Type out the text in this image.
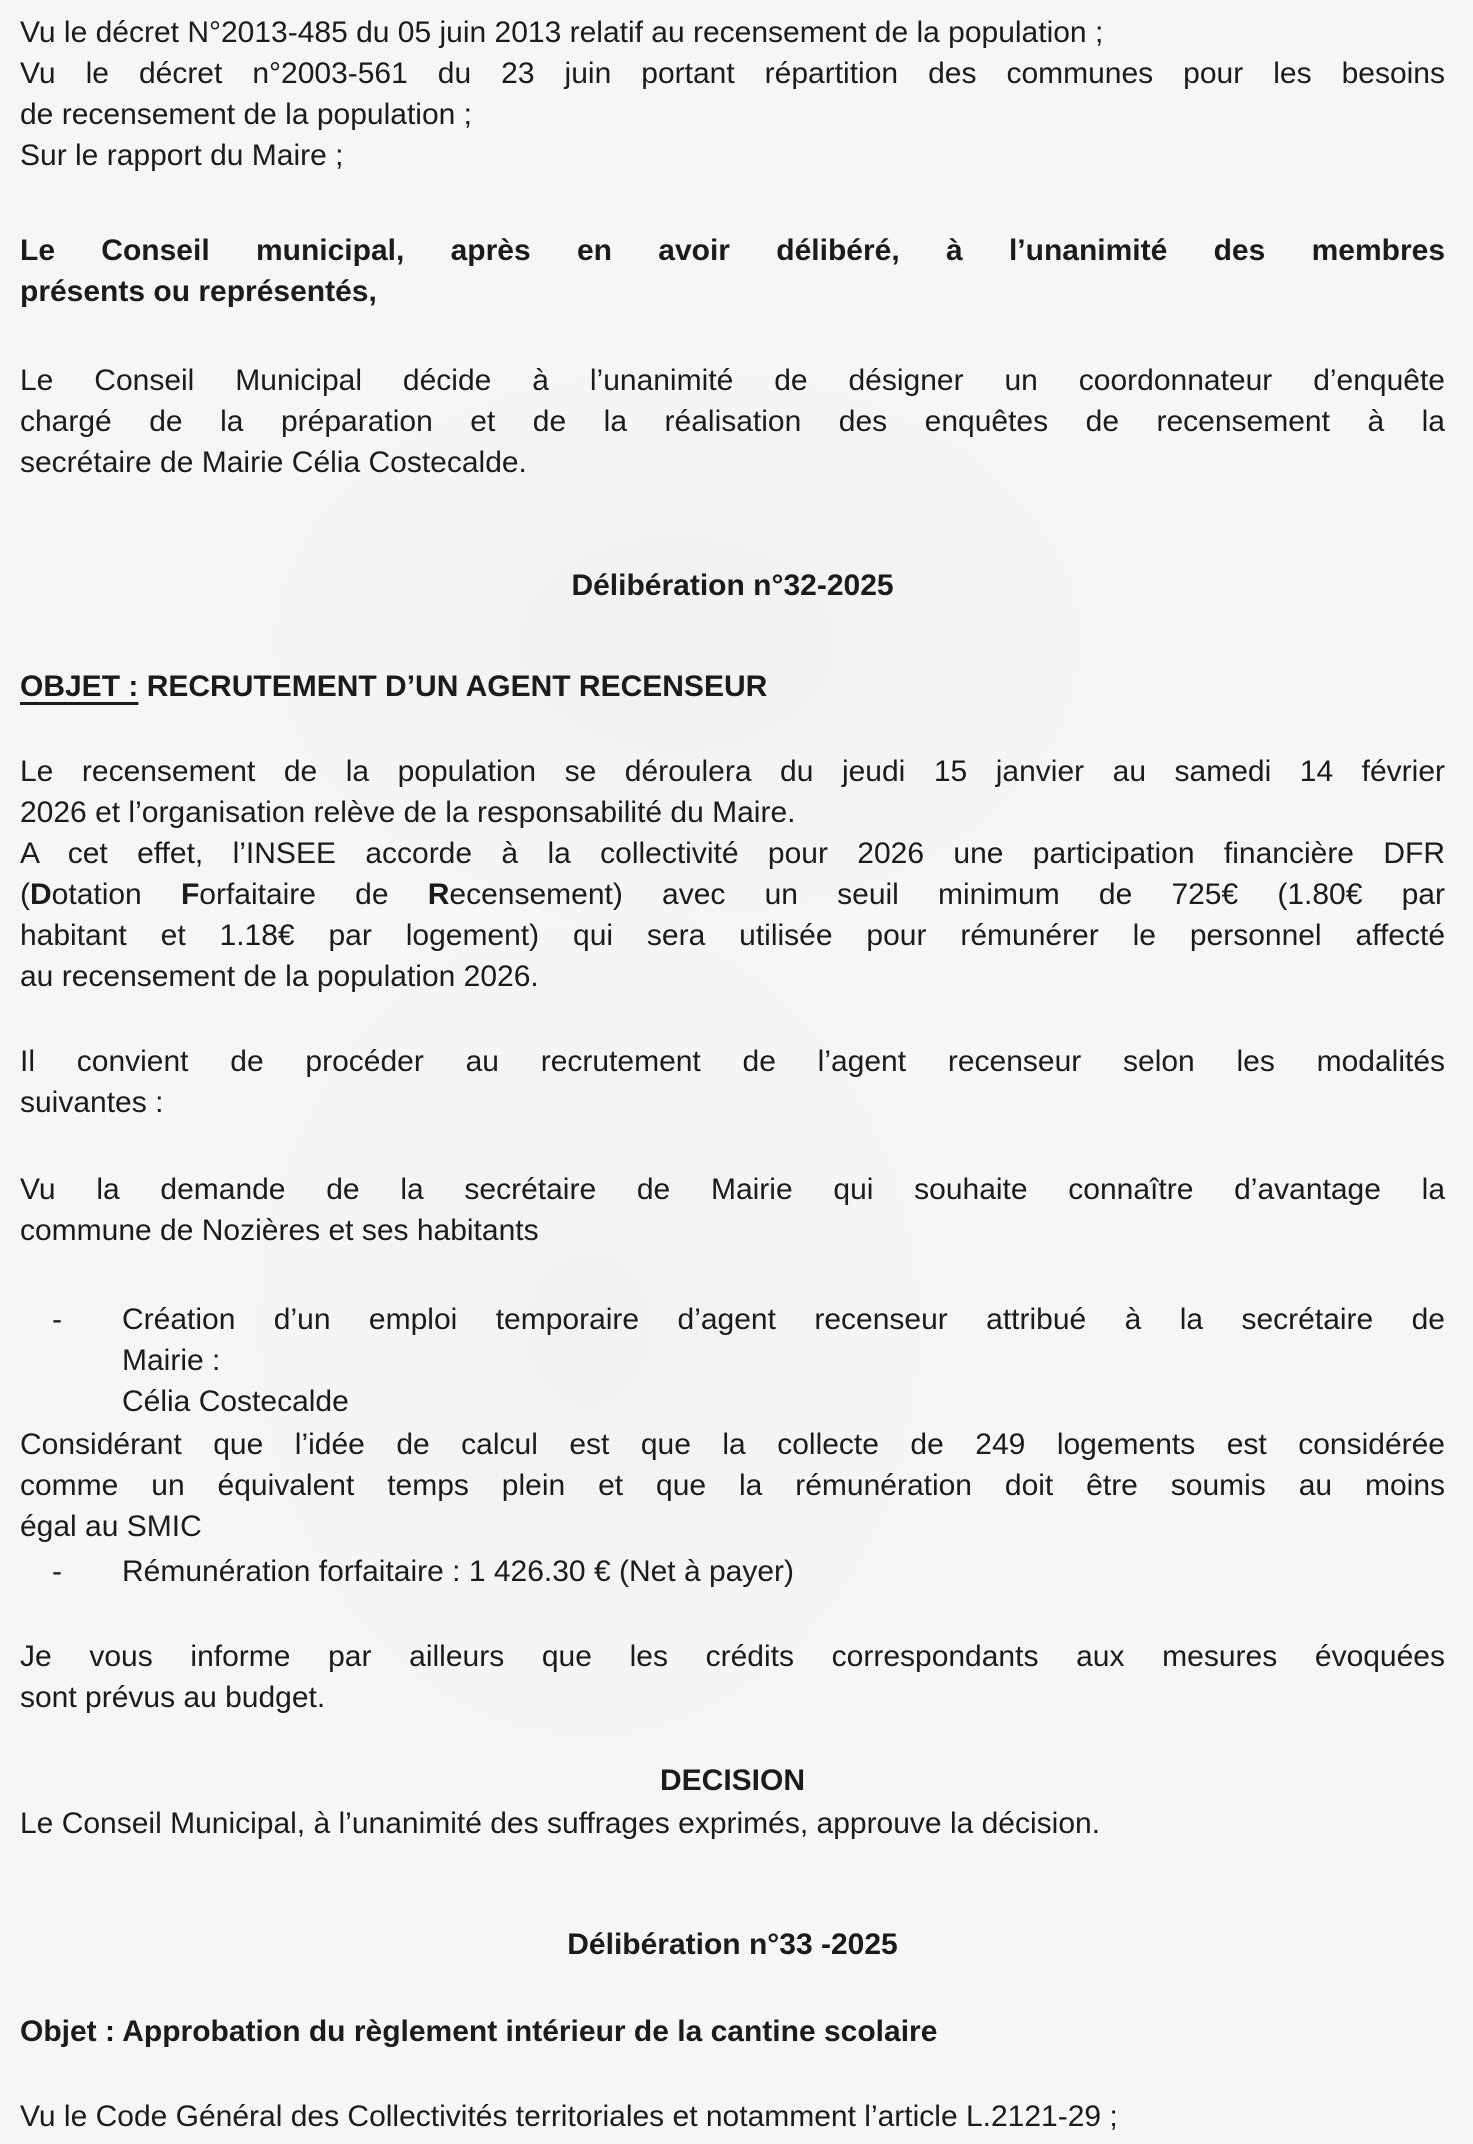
Vu le décret N°2013-485 du 05 juin 2013 relatif au recensement de la population ;
Vu le décret n°2003-561 du 23 juin portant répartition des communes pour les besoins
de recensement de la population ;
Sur le rapport du Maire ;
Le Conseil municipal, après en avoir délibéré, à l’unanimité des membres
présents ou représentés,
Le Conseil Municipal décide à l’unanimité de désigner un coordonnateur d’enquête
chargé de la préparation et de la réalisation des enquêtes de recensement à la
secrétaire de Mairie Célia Costecalde.
Délibération n°32-2025
OBJET : RECRUTEMENT D’UN AGENT RECENSEUR
Le recensement de la population se déroulera du jeudi 15 janvier au samedi 14 février
2026 et l’organisation relève de la responsabilité du Maire.
A cet effet, l’INSEE accorde à la collectivité pour 2026 une participation financière DFR
(Dotation Forfaitaire de Recensement) avec un seuil minimum de 725€ (1.80€ par
habitant et 1.18€ par logement) qui sera utilisée pour rémunérer le personnel affecté
au recensement de la population 2026.
Il convient de procéder au recrutement de l’agent recenseur selon les modalités
suivantes :
Vu la demande de la secrétaire de Mairie qui souhaite connaître d’avantage la
commune de Nozières et ses habitants
- Création d’un emploi temporaire d’agent recenseur attribué à la secrétaire de
Mairie :
Célia Costecalde
Considérant que l’idée de calcul est que la collecte de 249 logements est considérée
comme un équivalent temps plein et que la rémunération doit être soumis au moins
égal au SMIC
- Rémunération forfaitaire : 1 426.30 € (Net à payer)
Je vous informe par ailleurs que les crédits correspondants aux mesures évoquées
sont prévus au budget.
DECISION
Le Conseil Municipal, à l’unanimité des suffrages exprimés, approuve la décision.
Délibération n°33 -2025
Objet : Approbation du règlement intérieur de la cantine scolaire
Vu le Code Général des Collectivités territoriales et notamment l’article L.2121-29 ;
